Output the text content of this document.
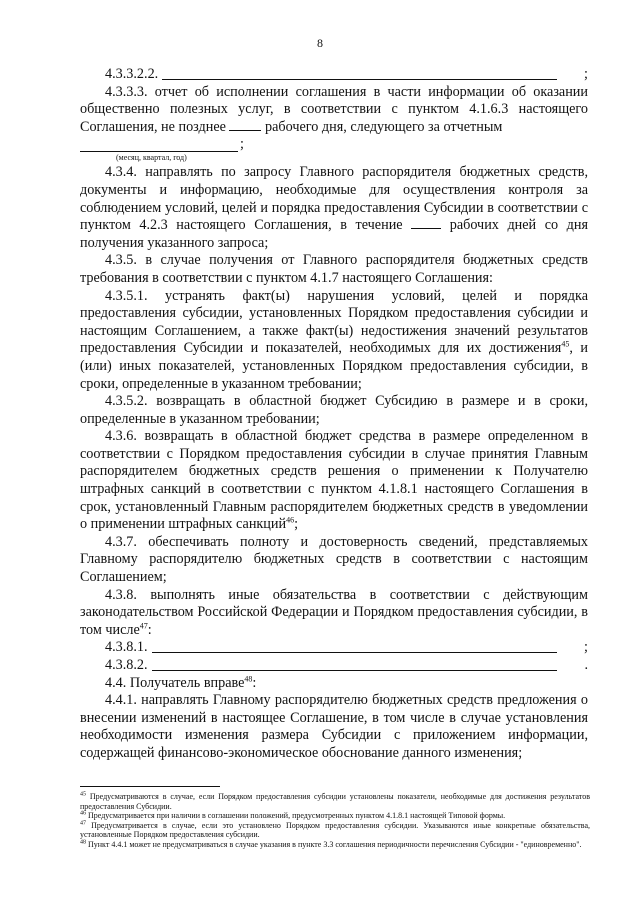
8

4.3.3.2.2.	;

4.3.3.3. отчет об исполнении соглашения в части информации об оказании общественно полезных услуг, в соответствии с пунктом 4.1.6.3 настоящего Соглашения, не позднее	рабочего дня, следующего за отчетным

;
(месяц, квартал, год)

4.3.4. направлять по запросу Главного распорядителя бюджетных средств, документы и информацию, необходимые для осуществления контроля за соблюдением условий, целей и порядка предоставления Субсидии в соответствии с пунктом 4.2.3 настоящего Соглашения, в течение	рабочих дней со дня получения указанного запроса;

4.3.5. в случае получения от Главного распорядителя бюджетных средств требования в соответствии с пунктом 4.1.7 настоящего Соглашения:

4.3.5.1. устранять факт(ы) нарушения условий, целей и порядка предоставления субсидии, установленных Порядком предоставления субсидии и настоящим Соглашением, а также факт(ы) недостижения значений результатов предоставления Субсидии и показателей, необходимых для их достижения$^{45}$, и (или) иных показателей, установленных Порядком предоставления субсидии, в сроки, определенные в указанном требовании;

4.3.5.2. возвращать в областной бюджет Субсидию в размере и в сроки, определенные в указанном требовании;

4.3.6. возвращать в областной бюджет средства в размере определенном в соответствии с Порядком предоставления субсидии в случае принятия Главным распорядителем бюджетных средств решения о применении к Получателю штрафных санкций в соответствии с пунктом 4.1.8.1 настоящего Соглашения в срок, установленный Главным распорядителем бюджетных средств в уведомлении о применении штрафных санкций$^{46}$;

4.3.7. обеспечивать полноту и достоверность сведений, представляемых Главному распорядителю бюджетных средств в соответствии с настоящим Соглашением;

4.3.8. выполнять иные обязательства в соответствии с действующим законодательством Российской Федерации и Порядком предоставления субсидии, в том числе$^{47}$:

4.3.8.1.	;

4.3.8.2.	.

4.4. Получатель вправе$^{48}$:

4.4.1. направлять Главному распорядителю бюджетных средств предложения о внесении изменений в настоящее Соглашение, в том числе в случае установления необходимости изменения размера Субсидии с приложением информации, содержащей финансово-экономическое обоснование данного изменения;

$^{45}$ Предусматриваются в случае, если Порядком предоставления субсидии установлены показатели, необходимые для достижения результатов предоставления Субсидии.
$^{46}$ Предусматривается при наличии в соглашении положений, предусмотренных пунктом 4.1.8.1 настоящей Типовой формы.
$^{47}$ Предусматривается в случае, если это установлено Порядком предоставления субсидии. Указываются иные конкретные обязательства, установленные Порядком предоставления субсидии.
$^{48}$ Пункт 4.4.1 может не предусматриваться в случае указания в пункте 3.3 соглашения периодичности перечисления Субсидии - "единовременно".
